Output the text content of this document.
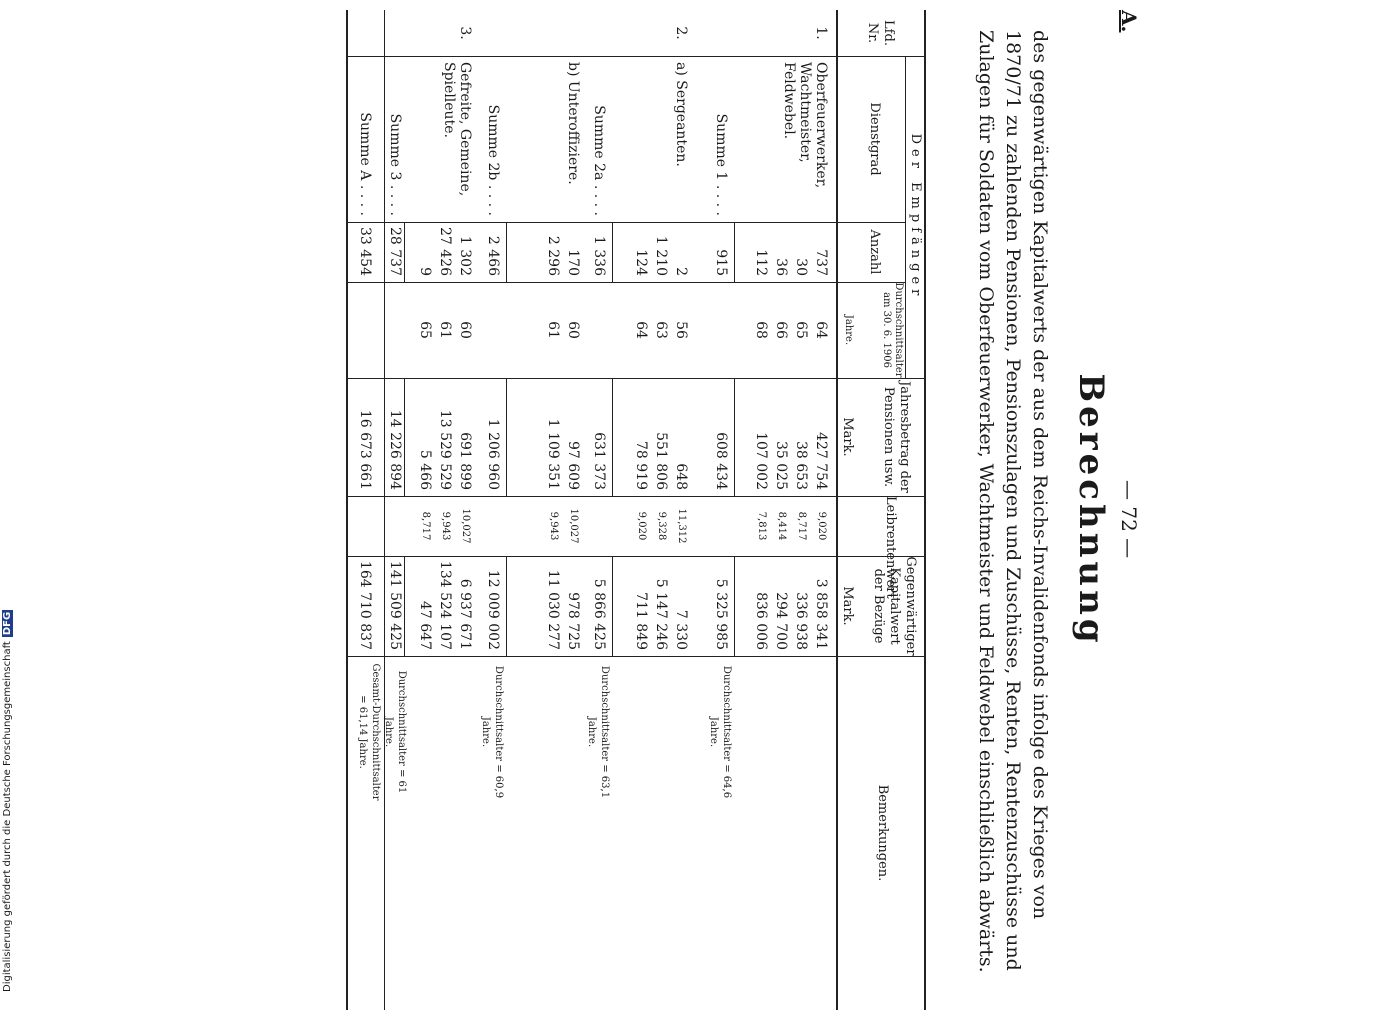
— 72 —
A.
Berechnung
des gegenwärtigen Kapitalwerts der aus dem Reichs-Invalidenfonds infolge des Krieges von 1870/71 zu zahlenden Pensionen, Pensionszulagen und Zuschüsse, Renten, Rentenzuschüsse und Zulagen für Soldaten vom Oberfeuerwerker, Wachtmeister und Feldwebel einschließlich abwärts.
Lfd. Nr.
Der Empfänger
Dienstgrad
Anzahl
Durchschnittsalter am 30. 6. 1906
Jahre.
Jahresbetrag der Pensionen usw.
Mark.
Leibrentenwert
Gegenwärtiger Kapitalwert der Bezüge
Mark.
Bemerkungen.
1.
Oberfeuerwerker, Wachtmeister, Feldwebel.
737
64
427 754
9,020
3 858 341
30
65
38 653
8,717
336 938
36
66
35 025
8,414
294 700
112
68
107 002
7,813
836 006
Summe 1 . . . .
915
608 434
5 325 985
Durchschnittsalter = 64,6 Jahre.
2.
a) Sergeanten.
2
56
648
11,312
7 330
1 210
63
551 806
9,328
5 147 246
124
64
78 919
9,020
711 849
Summe 2a . . . .
1 336
631 373
5 866 425
Durchschnittsalter = 63,1 Jahre.
b) Unteroffiziere.
170
60
97 609
10,027
978 725
2 296
61
1 109 351
9,943
11 030 277
Summe 2b . . . .
2 466
1 206 960
12 009 002
Durchschnittsalter = 60,9 Jahre.
3.
Gefreite, Gemeine, Spielleute.
1 302
60
691 899
10,027
6 937 671
27 426
61
13 529 529
9,943
134 524 107
9
65
5 466
8,717
47 647
Summe 3 . . . .
28 737
14 226 894
141 509 425
Durchschnittsalter = 61 Jahre.
Summe A . . . .
33 454
16 673 661
164 710 837
Gesamt-Durchschnittsalter = 61,14 Jahre.
Digitalisierung gefördert durch die Deutsche ForschungsgemeinschaftDFG
